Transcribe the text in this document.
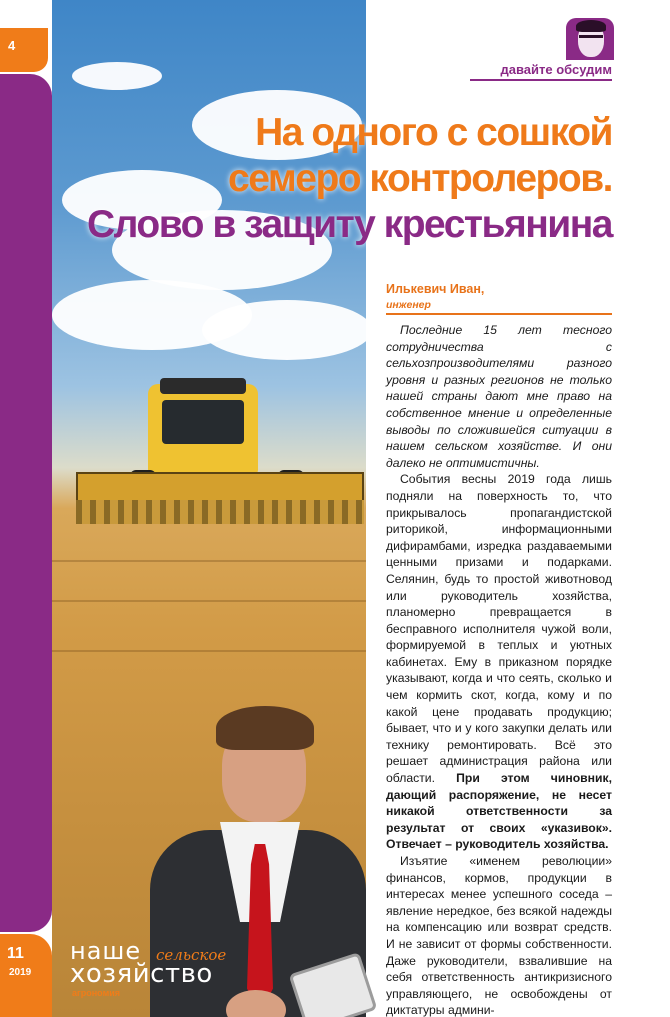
4
11
2019
наше сельское
хозяйство
агрономия
давайте обсудим
На одного с сошкой
семеро контролеров.
Слово в защиту крестьянина
Илькевич Иван,
инженер

Последние 15 лет тесного сотрудничества с сельхозпроизводителями разного уровня и разных регионов не только нашей страны дают мне право на собственное мнение и определенные выводы по сложившейся ситуации в нашем сельском хозяйстве. И они далеко не оптимистичны.

События весны 2019 года лишь подняли на поверхность то, что прикрывалось пропагандистской риторикой, информационными дифирамбами, изредка раздаваемыми ценными призами и подарками. Селянин, будь то простой животновод или руководитель хозяйства, планомерно превращается в бесправного исполнителя чужой воли, формируемой в теплых и уютных кабинетах. Ему в приказном порядке указывают, когда и что сеять, сколько и чем кормить скот, когда, кому и по какой цене продавать продукцию; бывает, что и у кого закупки делать или технику ремонтировать. Всё это решает администрация района или области. При этом чиновник, дающий распоряжение, не несет никакой ответственности за результат от своих «указивок». Отвечает – руководитель хозяйства.

Изъятие «именем революции» финансов, кормов, продукции в интересах менее успешного соседа – явление нередкое, без всякой надежды на компенсацию или возврат средств. И не зависит от формы собственности. Даже руководители, взвалившие на себя ответственность антикризисного управляющего, не освобождены от диктатуры админи-
